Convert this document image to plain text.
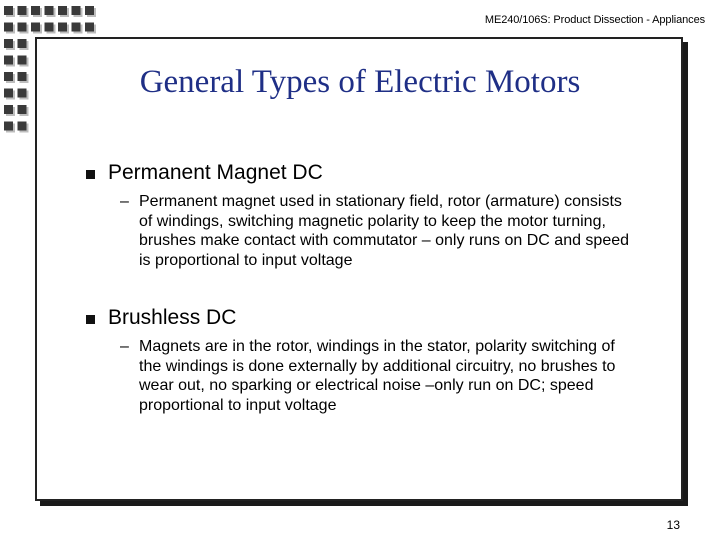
ME240/106S: Product Dissection - Appliances
General Types of Electric Motors
Permanent Magnet DC
– Permanent magnet used in stationary field, rotor (armature) consists of windings, switching magnetic polarity to keep the motor turning, brushes make contact with commutator – only runs on DC and speed is proportional to input voltage
Brushless DC
– Magnets are in the rotor, windings in the stator, polarity switching of the windings is done externally by additional circuitry, no brushes to wear out, no sparking or electrical noise –only run on DC; speed proportional to input voltage
13
